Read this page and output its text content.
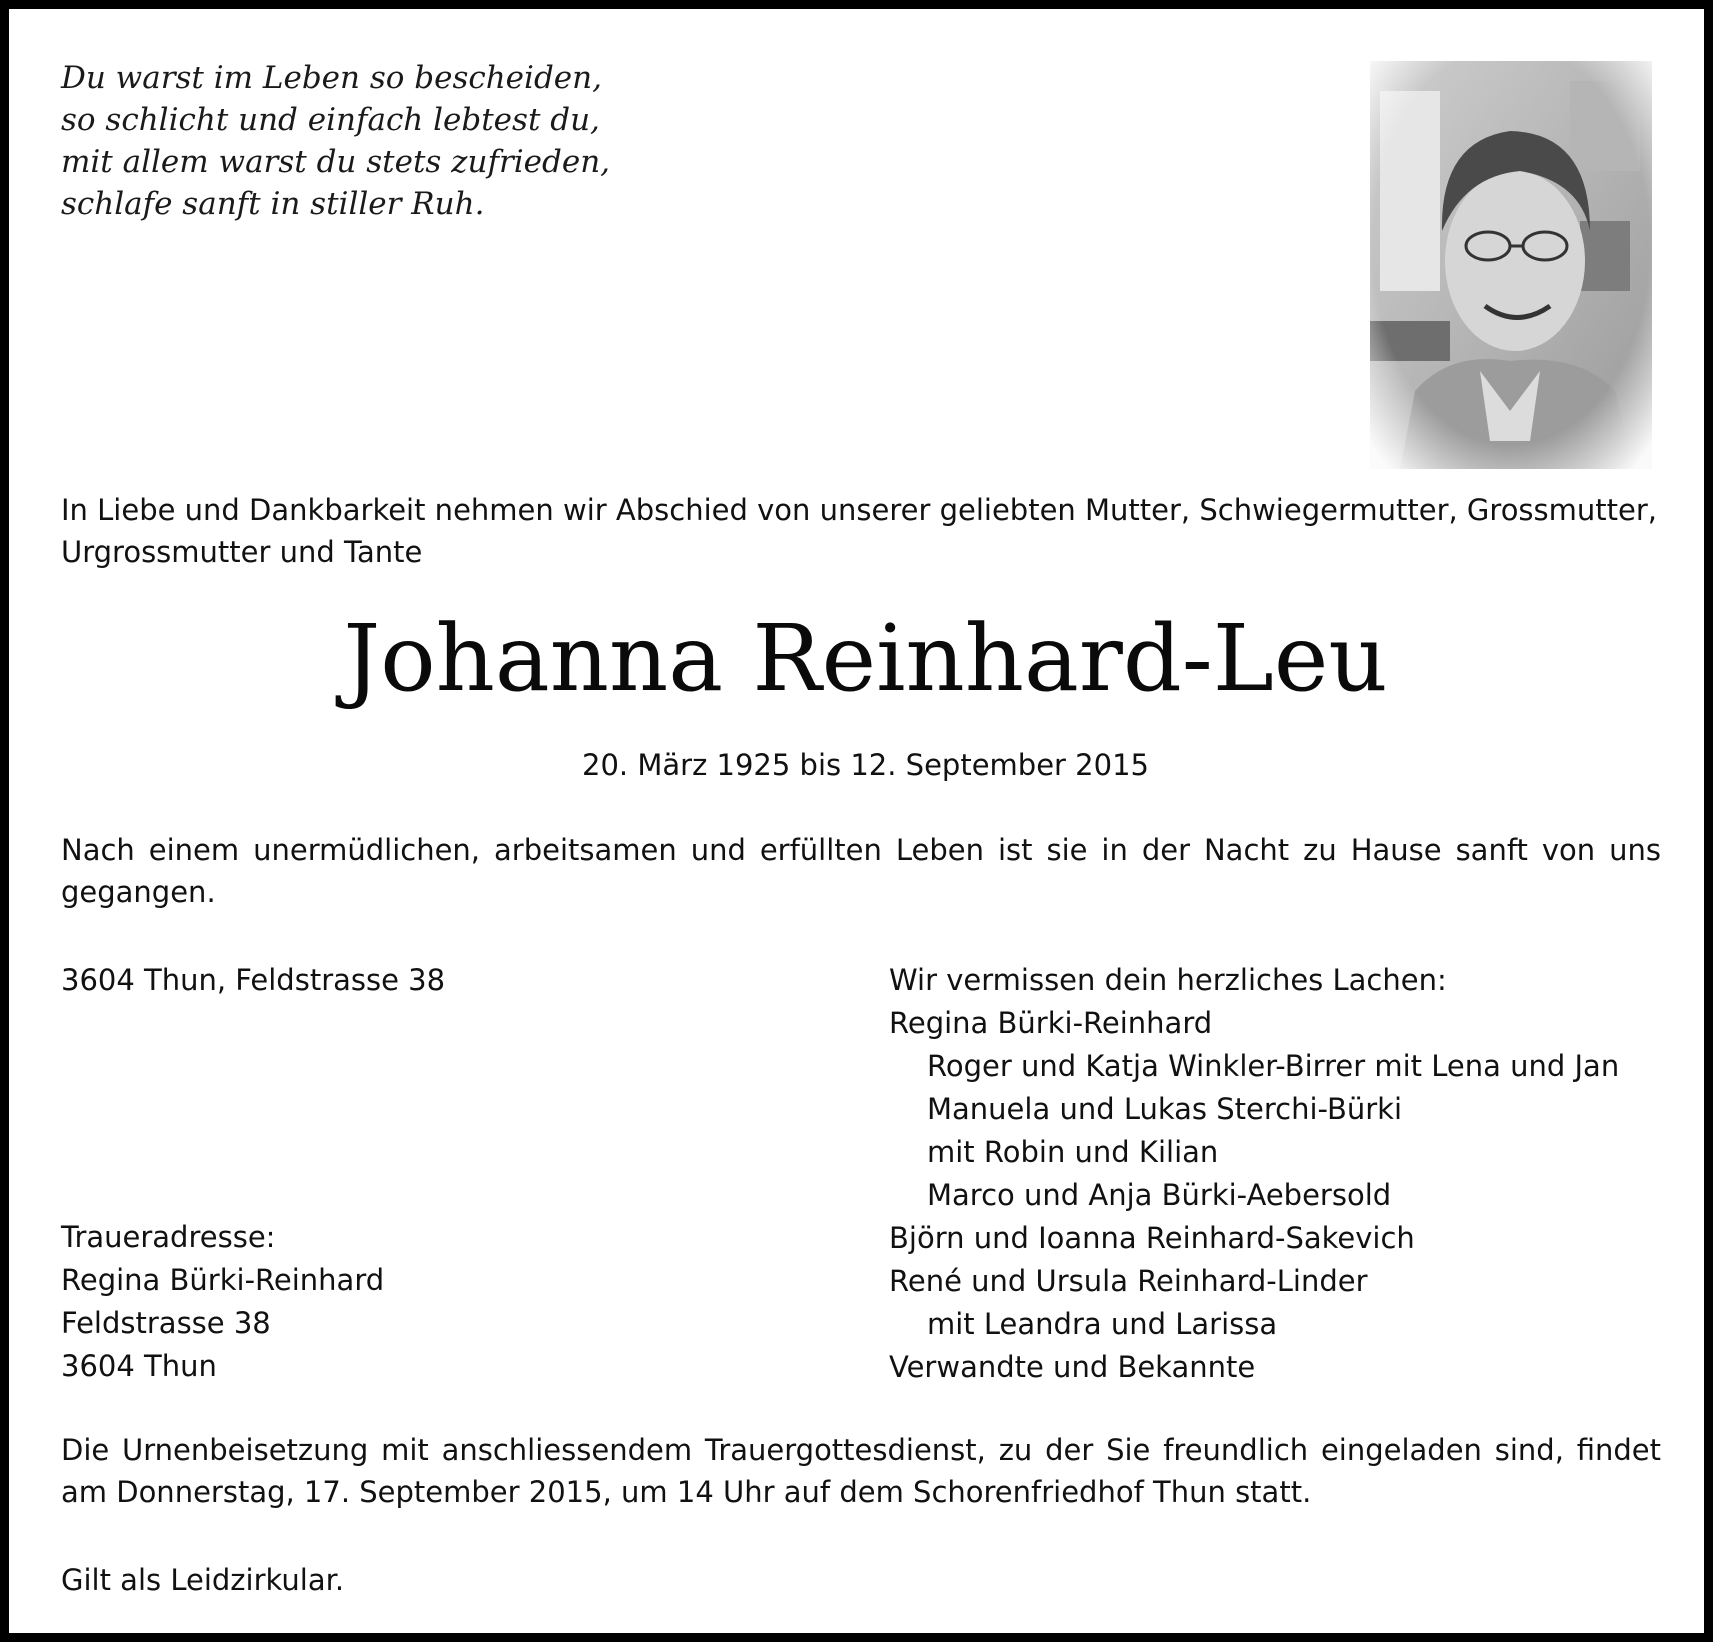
Du warst im Leben so bescheiden,
so schlicht und einfach lebtest du,
mit allem warst du stets zufrieden,
schlafe sanft in stiller Ruh.
In Liebe und Dankbarkeit nehmen wir Abschied von unserer geliebten Mutter, Schwiegermutter, Grossmutter,
Urgrossmutter und Tante
Johanna Reinhard-Leu
20. März 1925 bis 12. September 2015
Nach einem unermüdlichen, arbeitsamen und erfüllten Leben ist sie in der Nacht zu Hause sanft von uns gegangen.
3604 Thun, Feldstrasse 38
Traueradresse:
Regina Bürki-Reinhard
Feldstrasse 38
3604 Thun
Wir vermissen dein herzliches Lachen:
Regina Bürki-Reinhard
Roger und Katja Winkler-Birrer mit Lena und Jan
Manuela und Lukas Sterchi-Bürki
mit Robin und Kilian
Marco und Anja Bürki-Aebersold
Björn und Ioanna Reinhard-Sakevich
René und Ursula Reinhard-Linder
mit Leandra und Larissa
Verwandte und Bekannte
Die Urnenbeisetzung mit anschliessendem Trauergottesdienst, zu der Sie freundlich eingeladen sind, findet am Donnerstag, 17. September 2015, um 14 Uhr auf dem Schorenfriedhof Thun statt.
Gilt als Leidzirkular.
